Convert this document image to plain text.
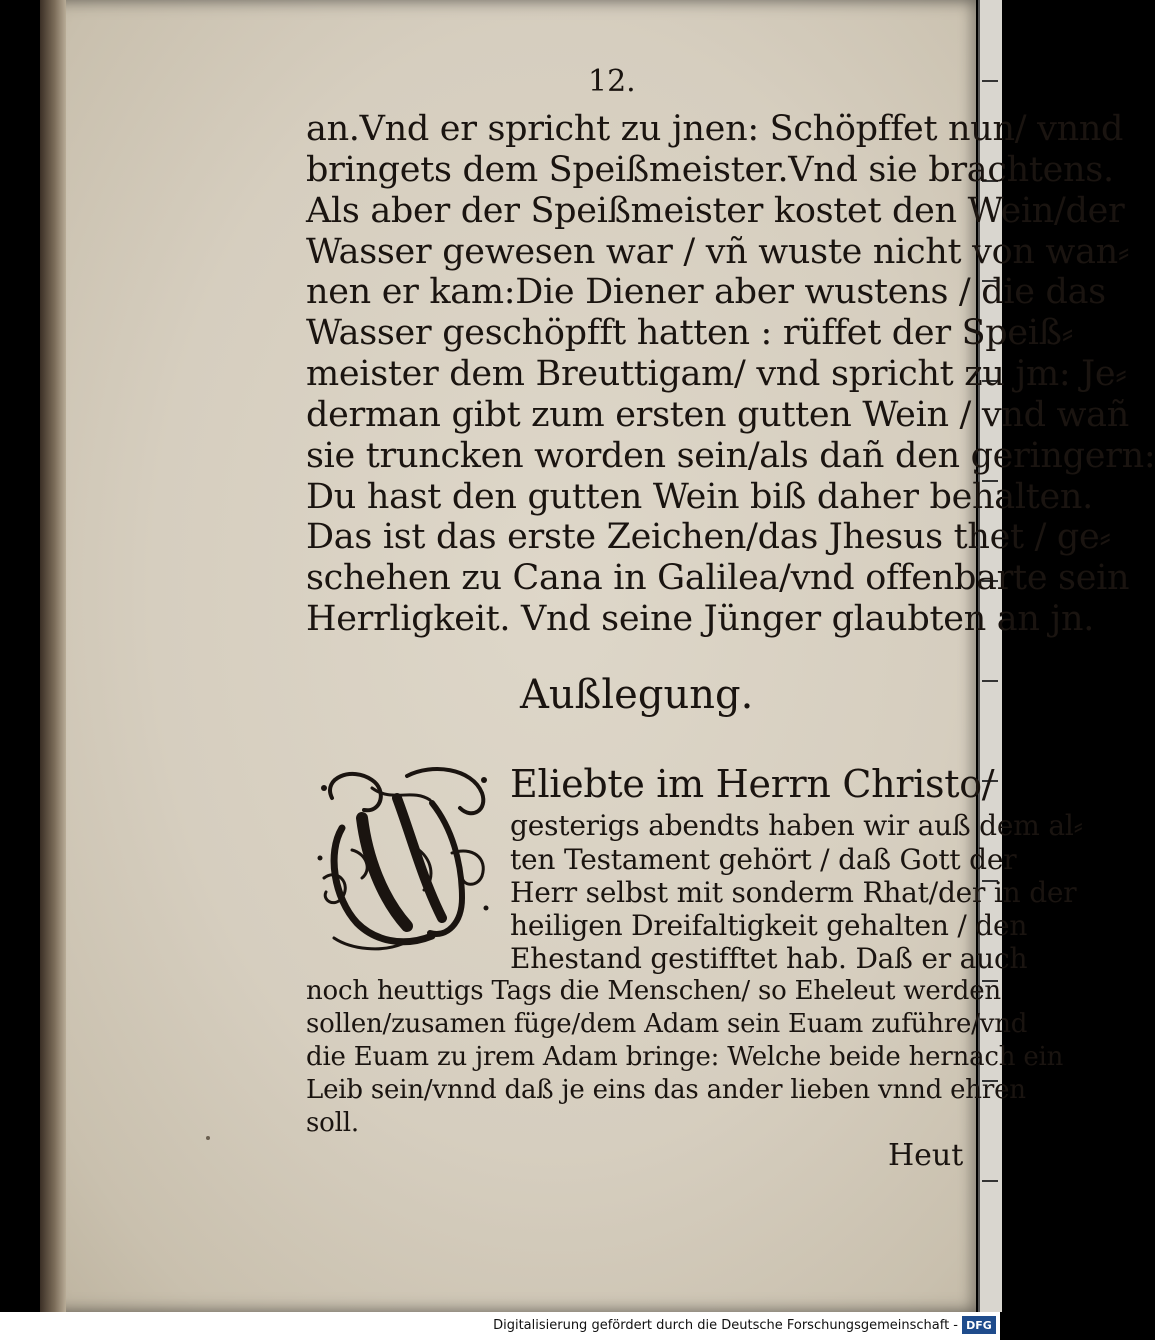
12.
an.Vnd er spricht zu jnen: Schöpffet nun/ vnnd
bringets dem Speißmeister.Vnd sie brachtens.
Als aber der Speißmeister kostet den Wein/der
Wasser gewesen war / vñ wuste nicht von wan⸗
nen er kam:Die Diener aber wustens / die das
Wasser geschöpfft hatten : rüffet der Speiß⸗
meister dem Breuttigam/ vnd spricht zu jm: Je⸗
derman gibt zum ersten gutten Wein / vnd wañ
sie truncken worden sein/als dañ den geringern:
Du hast den gutten Wein biß daher behalten.
Das ist das erste Zeichen/das Jhesus thet / ge⸗
schehen zu Cana in Galilea/vnd offenbarte sein
Herrligkeit. Vnd seine Jünger glaubten an jn.
Außlegung.
Eliebte im Herrn Christo/
gesterigs abendts haben wir auß dem al⸗
ten Testament gehört / daß Gott der
Herr selbst mit sonderm Rhat/der in der
heiligen Dreifaltigkeit gehalten / den
Ehestand gestifftet hab. Daß er auch
noch heuttigs Tags die Menschen/ so Eheleut werden
sollen/zusamen füge/dem Adam sein Euam zuführe/vnd
die Euam zu jrem Adam bringe: Welche beide hernach ein
Leib sein/vnnd daß je eins das ander lieben vnnd ehren
soll.
Heut
Digitalisierung gefördert durch die Deutsche Forschungsgemeinschaft - DFG
